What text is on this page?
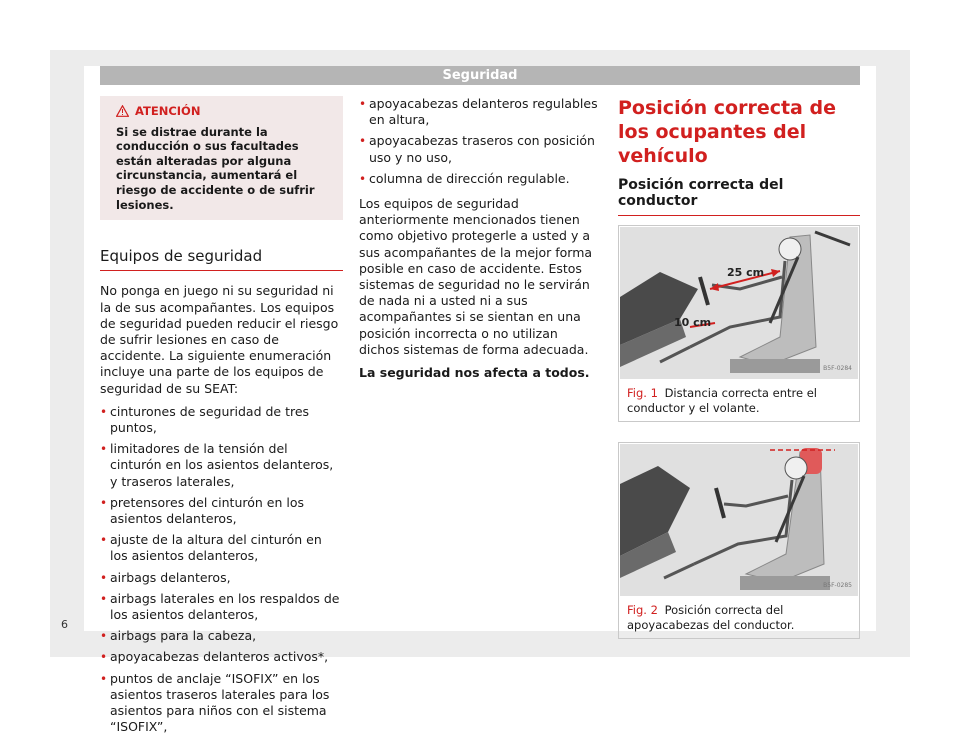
Seguridad
ATENCIÓN
Si se distrae durante la conducción o sus facultades están alteradas por alguna circunstancia, aumentará el riesgo de accidente o de sufrir lesiones.
Equipos de seguridad

No ponga en juego ni su seguridad ni la de sus acompañantes. Los equipos de seguridad pueden reducir el riesgo de sufrir lesiones en caso de accidente. La siguiente enumeración incluye una parte de los equipos de seguridad de su SEAT:

• cinturones de seguridad de tres puntos,
• limitadores de la tensión del cinturón en los asientos delanteros, y traseros laterales,
• pretensores del cinturón en los asientos delanteros,
• ajuste de la altura del cinturón en los asientos delanteros,
• airbags delanteros,
• airbags laterales en los respaldos de los asientos delanteros,
• airbags para la cabeza,
• apoyacabezas delanteros activos*,
• puntos de anclaje “ISOFIX” en los asientos traseros laterales para los asientos para niños con el sistema “ISOFIX”,
• apoyacabezas delanteros regulables en altura,
• apoyacabezas traseros con posición uso y no uso,
• columna de dirección regulable.

Los equipos de seguridad anteriormente mencionados tienen como objetivo protegerle a usted y a sus acompañantes de la mejor forma posible en caso de accidente. Estos sistemas de seguridad no le servirán de nada ni a usted ni a sus acompañantes si se sientan en una posición incorrecta o no utilizan dichos sistemas de forma adecuada.

La seguridad nos afecta a todos.

Posición correcta de los ocupantes del vehículo
Posición correcta del conductor
25 cm
10 cm
B5F-0284
Fig. 1 Distancia correcta entre el conductor y el volante.
B5F-0285
Fig. 2 Posición correcta del apoyacabezas del conductor.
6
